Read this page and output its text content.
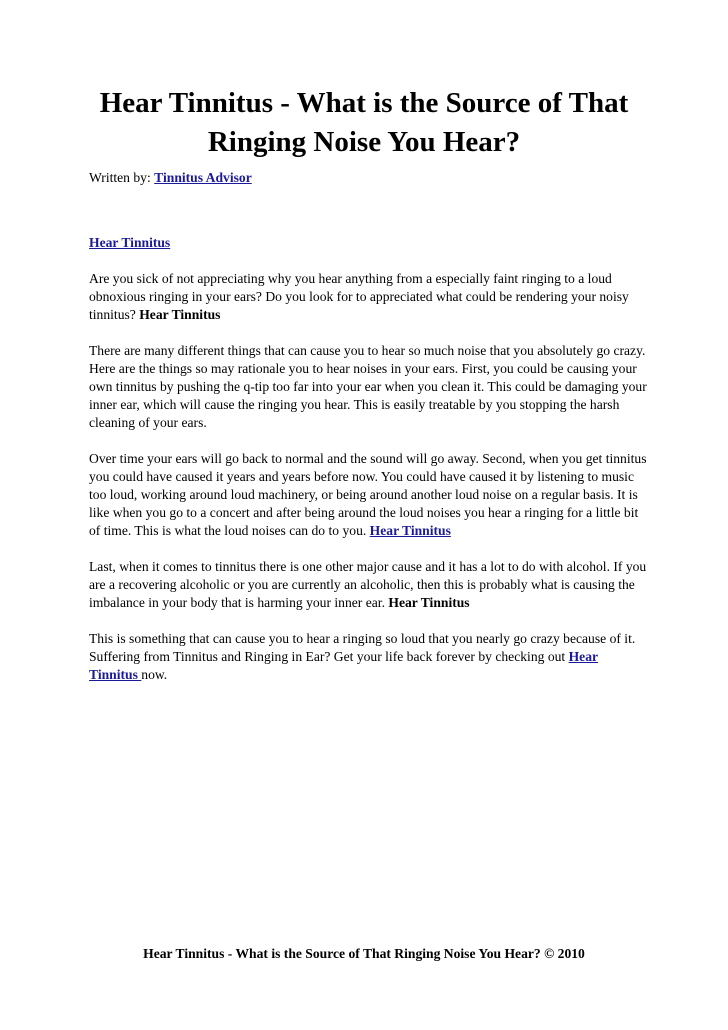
Hear Tinnitus - What is the Source of That Ringing Noise You Hear?
Written by: Tinnitus Advisor

Hear Tinnitus

Are you sick of not appreciating why you hear anything from a especially faint ringing to a loud obnoxious ringing in your ears? Do you look for to appreciated what could be rendering your noisy tinnitus? Hear Tinnitus

There are many different things that can cause you to hear so much noise that you absolutely go crazy. Here are the things so may rationale you to hear noises in your ears. First, you could be causing your own tinnitus by pushing the q-tip too far into your ear when you clean it. This could be damaging your inner ear, which will cause the ringing you hear. This is easily treatable by you stopping the harsh cleaning of your ears.

Over time your ears will go back to normal and the sound will go away. Second, when you get tinnitus you could have caused it years and years before now. You could have caused it by listening to music too loud, working around loud machinery, or being around another loud noise on a regular basis. It is like when you go to a concert and after being around the loud noises you hear a ringing for a little bit of time. This is what the loud noises can do to you. Hear Tinnitus

Last, when it comes to tinnitus there is one other major cause and it has a lot to do with alcohol. If you are a recovering alcoholic or you are currently an alcoholic, then this is probably what is causing the imbalance in your body that is harming your inner ear. Hear Tinnitus

This is something that can cause you to hear a ringing so loud that you nearly go crazy because of it. Suffering from Tinnitus and Ringing in Ear? Get your life back forever by checking out Hear Tinnitus now.

Hear Tinnitus - What is the Source of That Ringing Noise You Hear? © 2010
